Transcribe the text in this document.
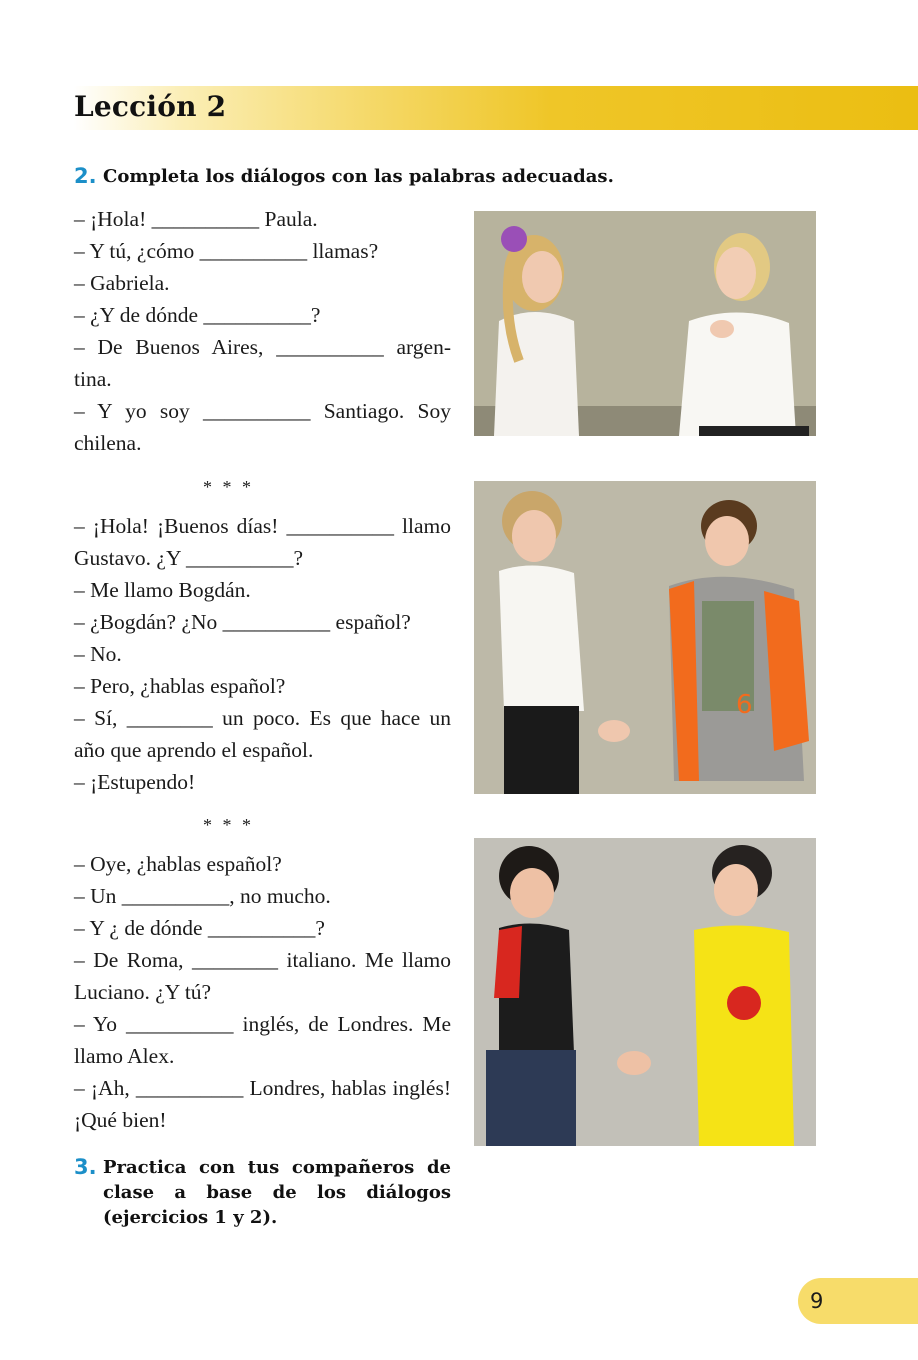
Lección 2
2. Completa los diálogos con las palabras adecuadas.

– ¡Hola! __________ Paula.

– Y tú, ¿cómo __________ llamas?

– Gabriela.

– ¿Y de dónde __________?

– De Buenos Aires, __________ argen-tina.

– Y yo soy __________ Santiago. Soy chilena.

* * *

– ¡Hola! ¡Buenos días! __________ llamo Gustavo. ¿Y __________?

– Me llamo Bogdán.

– ¿Bogdán? ¿No __________ español?

– No.

– Pero, ¿hablas español?

– Sí, ________ un poco. Es que hace un año que aprendo el español.

– ¡Estupendo!

* * *

– Oye, ¿hablas español?

– Un __________, no mucho.

– Y ¿ de dónde __________?

– De Roma, ________ italiano. Me llamo Luciano. ¿Y tú?

– Yo __________ inglés, de Londres. Me llamo Alex.

– ¡Ah, __________ Londres, hablas inglés! ¡Qué bien!

3. Practica con tus compañeros de clase a base de los diálogos (ejercicios 1 y 2).
6
9
